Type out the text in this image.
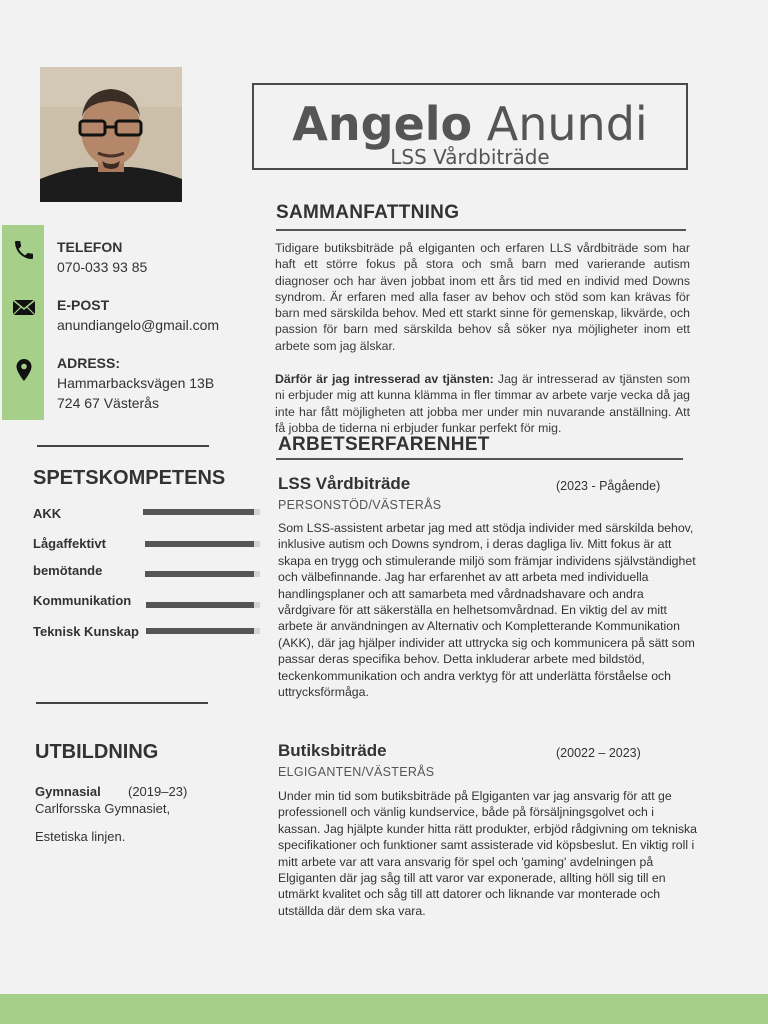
Angelo Anundi
LSS Vårdbiträde
TELEFON
070-033 93 85
E-POST
anundiangelo@gmail.com
ADRESS:
Hammarbacksvägen 13B
724 67 Västerås
SPETSKOMPETENS
AKK
Lågaffektivt
bemötande
Kommunikation
Teknisk Kunskap
UTBILDNING
Gymnasial (2019–23)
Carlforsska Gymnasiet,
Estetiska linjen.
SAMMANFATTNING
Tidigare butiksbiträde på elgiganten och erfaren LLS vårdbiträde som har haft ett större fokus på stora och små barn med varierande autism diagnoser och har även jobbat inom ett års tid med en individ med Downs syndrom. Är erfaren med alla faser av behov och stöd som kan krävas för barn med särskilda behov. Med ett starkt sinne för gemenskap, likvärde, och passion för barn med särskilda behov så söker nya möjligheter inom ett arbete som jag älskar.
Därför är jag intresserad av tjänsten: Jag är intresserad av tjänsten som ni erbjuder mig att kunna klämma in fler timmar av arbete varje vecka då jag inte har fått möjligheten att jobba mer under min nuvarande anställning. Att få jobba de tiderna ni erbjuder funkar perfekt för mig.
ARBETSERFARENHET
LSS Vårdbiträde	(2023 - Pågående)
PERSONSTÖD/VÄSTERÅS
Som LSS-assistent arbetar jag med att stödja individer med särskilda behov, inklusive autism och Downs syndrom, i deras dagliga liv. Mitt fokus är att skapa en trygg och stimulerande miljö som främjar individens självständighet och välbefinnande. Jag har erfarenhet av att arbeta med individuella handlingsplaner och att samarbeta med vårdnadshavare och andra vårdgivare för att säkerställa en helhetsomvårdnad. En viktig del av mitt arbete är användningen av Alternativ och Kompletterande Kommunikation (AKK), där jag hjälper individer att uttrycka sig och kommunicera på sätt som passar deras specifika behov. Detta inkluderar arbete med bildstöd, teckenkommunikation och andra verktyg för att underlätta förståelse och uttrycksförmåga.
Butiksbiträde	(20022 – 2023)
ELGIGANTEN/VÄSTERÅS
Under min tid som butiksbiträde på Elgiganten var jag ansvarig för att ge professionell och vänlig kundservice, både på försäljningsgolvet och i kassan. Jag hjälpte kunder hitta rätt produkter, erbjöd rådgivning om tekniska specifikationer och funktioner samt assisterade vid köpsbeslut. En viktig roll i mitt arbete var att vara ansvarig för spel och 'gaming' avdelningen på Elgiganten där jag såg till att varor var exponerade, allting höll sig till en utmärkt kvalitet och såg till att datorer och liknande var monterade och utställda där dem ska vara.
